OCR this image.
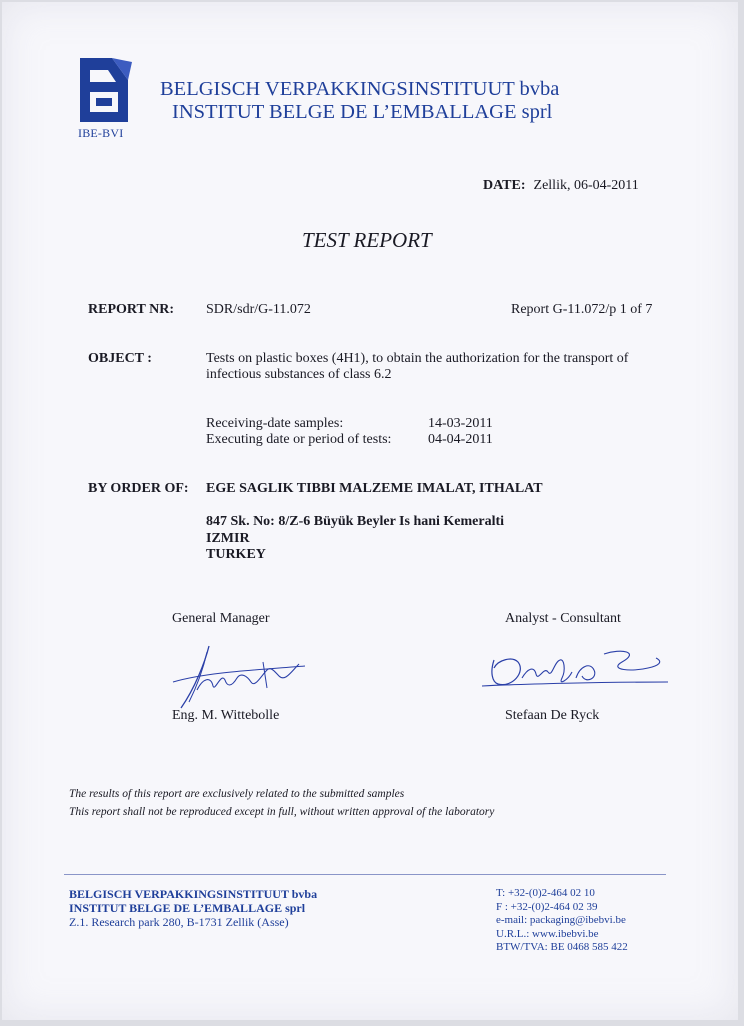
IBE-BVI
BELGISCH VERPAKKINGSINSTITUUT bvba
INSTITUT BELGE DE L’EMBALLAGE sprl
DATE: Zellik, 06-04-2011
TEST REPORT
REPORT NR: SDR/sdr/G-11.072	Report G-11.072/p 1 of 7
OBJECT :	Tests on plastic boxes (4H1), to obtain the authorization for the transport of
infectious substances of class 6.2
Receiving-date samples:	14-03-2011
Executing date or period of tests:	04-04-2011
BY ORDER OF: EGE SAGLIK TIBBI MALZEME IMALAT, ITHALAT
847 Sk. No: 8/Z-6 Büyük Beyler Is hani Kemeralti
IZMIR
TURKEY
General Manager
Eng. M. Wittebolle
Analyst - Consultant
Stefaan De Ryck
The results of this report are exclusively related to the submitted samples
This report shall not be reproduced except in full, without written approval of the laboratory
BELGISCH VERPAKKINGSINSTITUUT bvba
INSTITUT BELGE DE L’EMBALLAGE sprl
Z.1. Research park 280, B-1731 Zellik (Asse)
T: +32-(0)2-464 02 10
F : +32-(0)2-464 02 39
e-mail: packaging@ibebvi.be
U.R.L.: www.ibebvi.be
BTW/TVA: BE 0468 585 422
